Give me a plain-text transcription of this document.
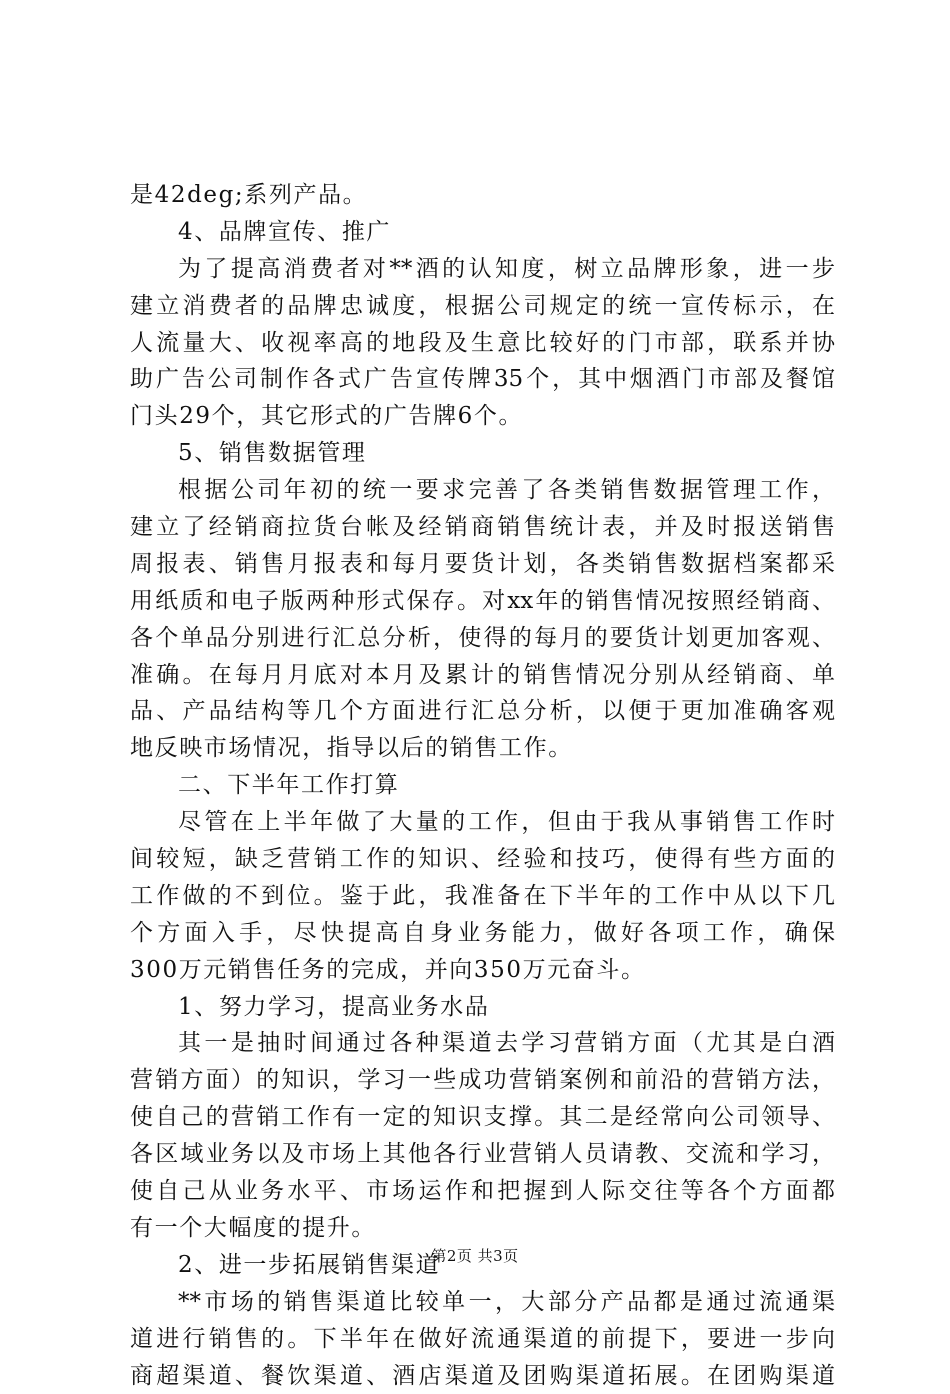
是42deg;系列产品。
4、品牌宣传、推广
为了提高消费者对**酒的认知度，树立品牌形象，进一步
建立消费者的品牌忠诚度，根据公司规定的统一宣传标示，在
人流量大、收视率高的地段及生意比较好的门市部，联系并协
助广告公司制作各式广告宣传牌35个，其中烟酒门市部及餐馆
门头29个，其它形式的广告牌6个。
5、销售数据管理
根据公司年初的统一要求完善了各类销售数据管理工作，
建立了经销商拉货台帐及经销商销售统计表，并及时报送销售
周报表、销售月报表和每月要货计划，各类销售数据档案都采
用纸质和电子版两种形式保存。对xx年的销售情况按照经销商、
各个单品分别进行汇总分析，使得的每月的要货计划更加客观、
准确。在每月月底对本月及累计的销售情况分别从经销商、单
品、产品结构等几个方面进行汇总分析，以便于更加准确客观
地反映市场情况，指导以后的销售工作。
二、下半年工作打算
尽管在上半年做了大量的工作，但由于我从事销售工作时
间较短，缺乏营销工作的知识、经验和技巧，使得有些方面的
工作做的不到位。鉴于此，我准备在下半年的工作中从以下几
个方面入手，尽快提高自身业务能力，做好各项工作，确保
300万元销售任务的完成，并向350万元奋斗。
1、努力学习，提高业务水品
其一是抽时间通过各种渠道去学习营销方面（尤其是白酒
营销方面）的知识，学习一些成功营销案例和前沿的营销方法，
使自己的营销工作有一定的知识支撑。其二是经常向公司领导、
各区域业务以及市场上其他各行业营销人员请教、交流和学习，
使自己从业务水平、市场运作和把握到人际交往等各个方面都
有一个大幅度的提升。
2、进一步拓展销售渠道
**市场的销售渠道比较单一，大部分产品都是通过流通渠
道进行销售的。下半年在做好流通渠道的前提下，要进一步向
商超渠道、餐饮渠道、酒店渠道及团购渠道拓展。在团购渠道
第2页 共3页
